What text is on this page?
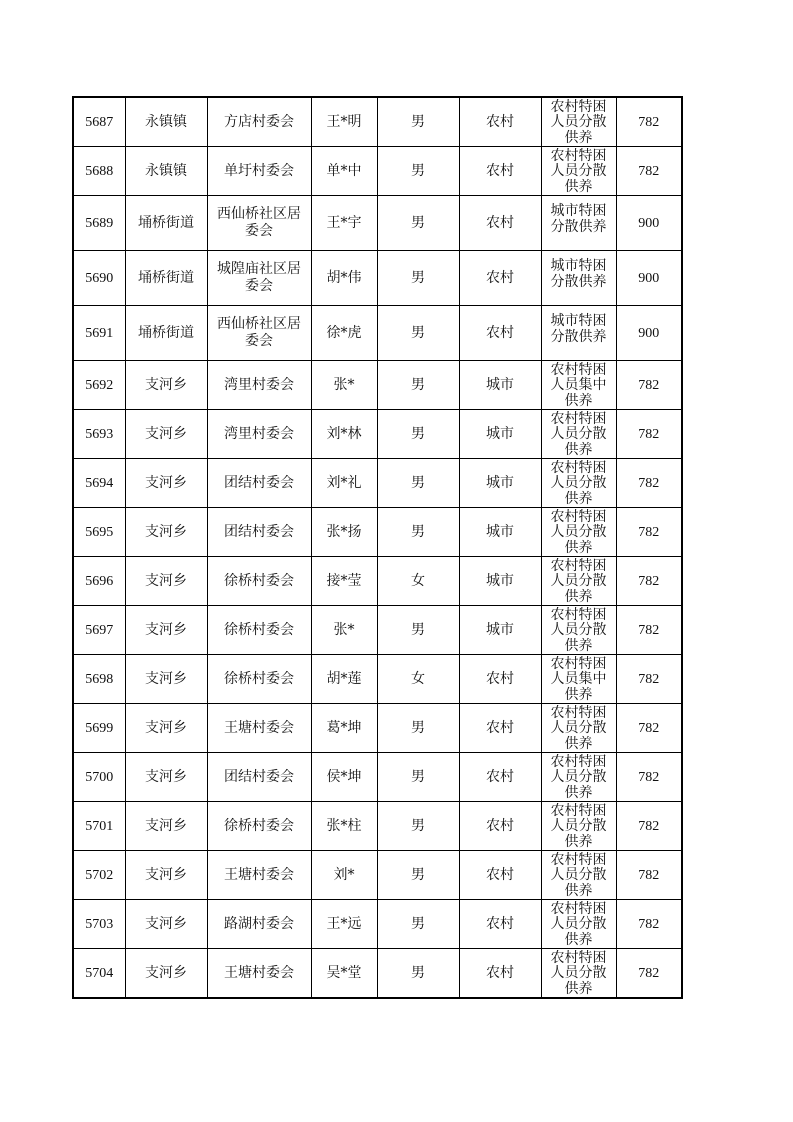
5687	永镇镇	方店村委会	王*明	男	农村	农村特困
人员分散
供养	782
5688	永镇镇	单圩村委会	单*中	男	农村	农村特困
人员分散
供养	782
5689	埇桥街道	西仙桥社区居
委会	王*宇	男	农村	城市特困
分散供养	900
5690	埇桥街道	城隍庙社区居
委会	胡*伟	男	农村	城市特困
分散供养	900
5691	埇桥街道	西仙桥社区居
委会	徐*虎	男	农村	城市特困
分散供养	900
5692	支河乡	湾里村委会	张*	男	城市	农村特困
人员集中
供养	782
5693	支河乡	湾里村委会	刘*林	男	城市	农村特困
人员分散
供养	782
5694	支河乡	团结村委会	刘*礼	男	城市	农村特困
人员分散
供养	782
5695	支河乡	团结村委会	张*扬	男	城市	农村特困
人员分散
供养	782
5696	支河乡	徐桥村委会	接*莹	女	城市	农村特困
人员分散
供养	782
5697	支河乡	徐桥村委会	张*	男	城市	农村特困
人员分散
供养	782
5698	支河乡	徐桥村委会	胡*莲	女	农村	农村特困
人员集中
供养	782
5699	支河乡	王塘村委会	葛*坤	男	农村	农村特困
人员分散
供养	782
5700	支河乡	团结村委会	侯*坤	男	农村	农村特困
人员分散
供养	782
5701	支河乡	徐桥村委会	张*柱	男	农村	农村特困
人员分散
供养	782
5702	支河乡	王塘村委会	刘*	男	农村	农村特困
人员分散
供养	782
5703	支河乡	路湖村委会	王*远	男	农村	农村特困
人员分散
供养	782
5704	支河乡	王塘村委会	吴*堂	男	农村	农村特困
人员分散
供养	782
